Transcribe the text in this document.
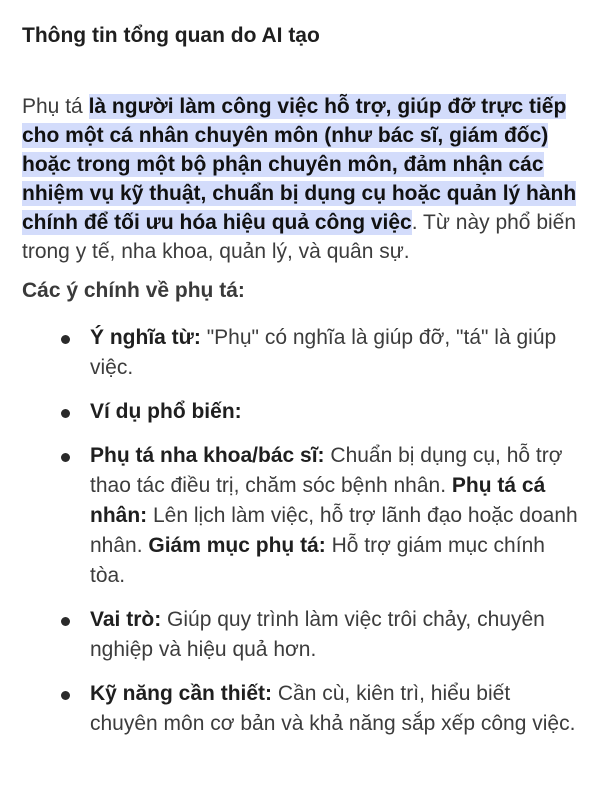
Thông tin tổng quan do AI tạo

Phụ tá là người làm công việc hỗ trợ, giúp đỡ trực tiếp cho một cá nhân chuyên môn (như bác sĩ, giám đốc) hoặc trong một bộ phận chuyên môn, đảm nhận các nhiệm vụ kỹ thuật, chuẩn bị dụng cụ hoặc quản lý hành chính để tối ưu hóa hiệu quả công việc. Từ này phổ biến trong y tế, nha khoa, quản lý, và quân sự.

Các ý chính về phụ tá:
Ý nghĩa từ: "Phụ" có nghĩa là giúp đỡ, "tá" là giúp việc.
Ví dụ phổ biến:
Phụ tá nha khoa/bác sĩ: Chuẩn bị dụng cụ, hỗ trợ thao tác điều trị, chăm sóc bệnh nhân. Phụ tá cá nhân: Lên lịch làm việc, hỗ trợ lãnh đạo hoặc doanh nhân. Giám mục phụ tá: Hỗ trợ giám mục chính tòa.
Vai trò: Giúp quy trình làm việc trôi chảy, chuyên nghiệp và hiệu quả hơn.
Kỹ năng cần thiết: Cần cù, kiên trì, hiểu biết chuyên môn cơ bản và khả năng sắp xếp công việc.
